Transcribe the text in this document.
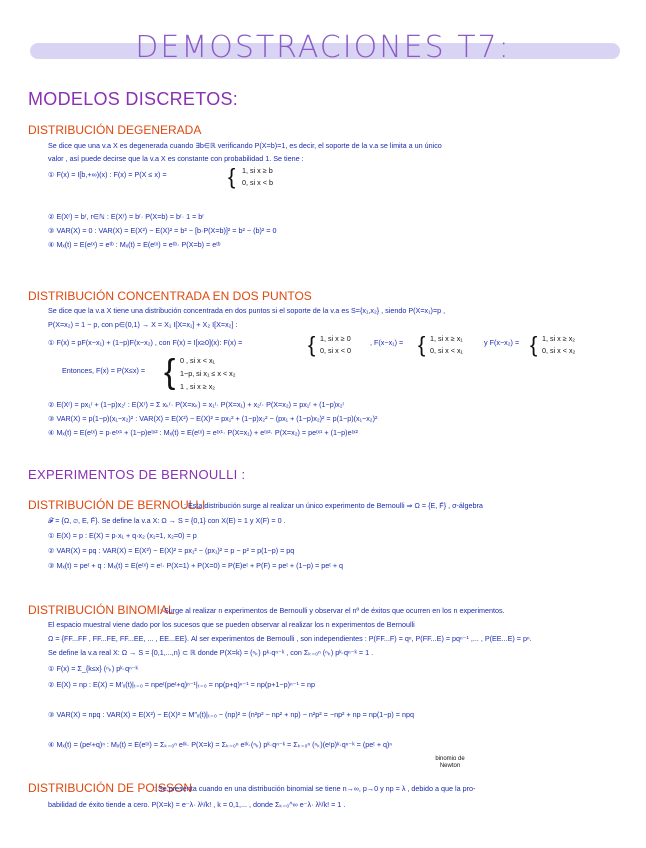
DEMOSTRACIONES T7:
MODELOS DISCRETOS:
DISTRIBUCIÓN DEGENERADA
Se dice que una v.a X es degenerada cuando ∃b∈ℝ verificando P(X=b)=1, es decir, el soporte de la v.a se limita a un único
valor , así puede decirse que la v.a X es constante con probabilidad 1. Se tiene :
① F(x) = I[b,+∞)(x) : F(x) = P(X ≤ x) =	{ 1, si x ≥ b
0, si x < b
② E(Xʳ) = bʳ, r∈ℕ : E(Xʳ) = bʳ· P(X=b) = bʳ· 1 = bʳ
③ VAR(X) = 0 : VAR(X) = E(X²) − E(X)² = b² − [b·P(X=b)]² = b² − (b)² = 0
④ Mₓ(t) = E(eᵗˣ) = eᵗᵇ : Mₓ(t) = E(eᵗˣ) = eᵗᵇ· P(X=b) = eᵗᵇ
DISTRIBUCIÓN CONCENTRADA EN DOS PUNTOS
Se dice que la v.a X tiene una distribución concentrada en dos puntos si el soporte de la v.a es S={x₁,x₂} , siendo P(X=x₁)=p ,
P(X=x₂) = 1 − p, con p∈(0,1) → X = X₁ I[X=x₁] + X₂ I[X=x₂] :
① F(x) = pF(x−x₁) + (1−p)F(x−x₂) , con F(x) = I[x≥0](x): F(x) =	{ 1, si x ≥ 0
0, si x < 0
, F(x−x₁) = { 1, si x ≥ x₁
0, si x < x₁
y F(x−x₂) = { 1, si x ≥ x₂
0, si x < x₂
Entonces, F(x) = P(X≤x) = { 0 , si x < x₁
1−p, si x₁ ≤ x < x₂
1 , si x ≥ x₂
② E(Xʳ) = px₁ʳ + (1−p)x₂ʳ : E(Xʳ) = Σ xₖʳ· P(X=xₖ) = x₁ʳ· P(X=x₁) + x₂ʳ· P(X=x₂) = px₁ʳ + (1−p)x₂ʳ
③ VAR(X) = p(1−p)(x₁−x₂)² : VAR(X) = E(X²) − E(X)² = px₁² + (1−p)x₂² − (px₁ + (1−p)x₂)² = p(1−p)(x₁−x₂)²
④ Mₓ(t) = E(eᵗˣ) = p·eᵗˣ¹ + (1−p)eᵗˣ² : Mₓ(t) = E(eᵗˣ) = eᵗˣ¹· P(X=x₁) + eᵗˣ²· P(X=x₂) = peᵗˣ¹ + (1−p)eᵗˣ²
EXPERIMENTOS DE BERNOULLI :
DISTRIBUCIÓN DE BERNOULLI
: Esta distribución surge al realizar un único experimento de Bernoulli ⇒ Ω = {E, F̄} , σ-álgebra
𝓕 = {Ω, ∅, E, F̄}. Se define la v.a X: Ω → S = {0,1} con X(E) = 1 y X(F) = 0 .
① E(X) = p : E(X) = p·x₁ + q·x₂ (x₁=1, x₂=0) = p
② VAR(X) = pq : VAR(X) = E(X²) − E(X)² = px₁² − (px₁)² = p − p² = p(1−p) = pq
③ Mₓ(t) = peᵗ + q : Mₓ(t) = E(eᵗˣ) = eᵗ· P(X=1) + P(X=0) = P(E)eᵗ + P(F) = peᵗ + (1−p) = peᵗ + q
DISTRIBUCIÓN BINOMIAL
: Surge al realizar n experimentos de Bernoulli y observar el nº de éxitos que ocurren en los n experimentos.
El espacio muestral viene dado por los sucesos que se pueden observar al realizar los n experimentos de Bernoulli
Ω = {FF...FF , FF...FE, FF...EE, ... , EE...EE}. Al ser experimentos de Bernoulli , son independientes : P(FF...F) = qⁿ, P(FF...E) = pqⁿ⁻¹ ,... , P(EE...E) = pⁿ.
Se define la v.a real X: Ω → S = {0,1,...,n} ⊂ ℝ donde P(X=k) = (ⁿₖ) pᵏ·qⁿ⁻ᵏ , con Σₖ₌₀ⁿ (ⁿₖ) pᵏ·qⁿ⁻ᵏ = 1 .
① F(x) = Σ_{k≤x} (ⁿₖ) pᵏ·qⁿ⁻ᵏ
② E(X) = np : E(X) = M′ₓ(t)|ₜ₌₀ = npeᵗ(peᵗ+q)ⁿ⁻¹|ₜ₌₀ = np(p+q)ⁿ⁻¹ = np(p+1−p)ⁿ⁻¹ = np
③ VAR(X) = npq : VAR(X) = E(X²) − E(X)² = M″ₓ(t)|ₜ₌₀ − (np)² = (n²p² − np² + np) − n²p² = −np² + np = np(1−p) = npq
④ Mₓ(t) = (peᵗ+q)ⁿ : Mₓ(t) = E(eᵗˣ) = Σₖ₌₀ⁿ eᵗᵏ· P(X=k) = Σₖ₌₀ⁿ eᵗᵏ·(ⁿₖ) pᵏ·qⁿ⁻ᵏ = Σₖ₌₀ⁿ (ⁿₖ)(eᵗp)ᵏ·qⁿ⁻ᵏ = (peᵗ + q)ⁿ
binomio de Newton
DISTRIBUCIÓN DE POISSON
: Se presenta cuando en una distribución binomial se tiene n→∞, p→0 y np = λ , debido a que la pro-
babilidad de éxito tiende a cero. P(X=k) = e⁻λ· λᵏ/k! , k = 0,1,... , donde Σₖ₌₀^∞ e⁻λ· λᵏ/k! = 1 .
